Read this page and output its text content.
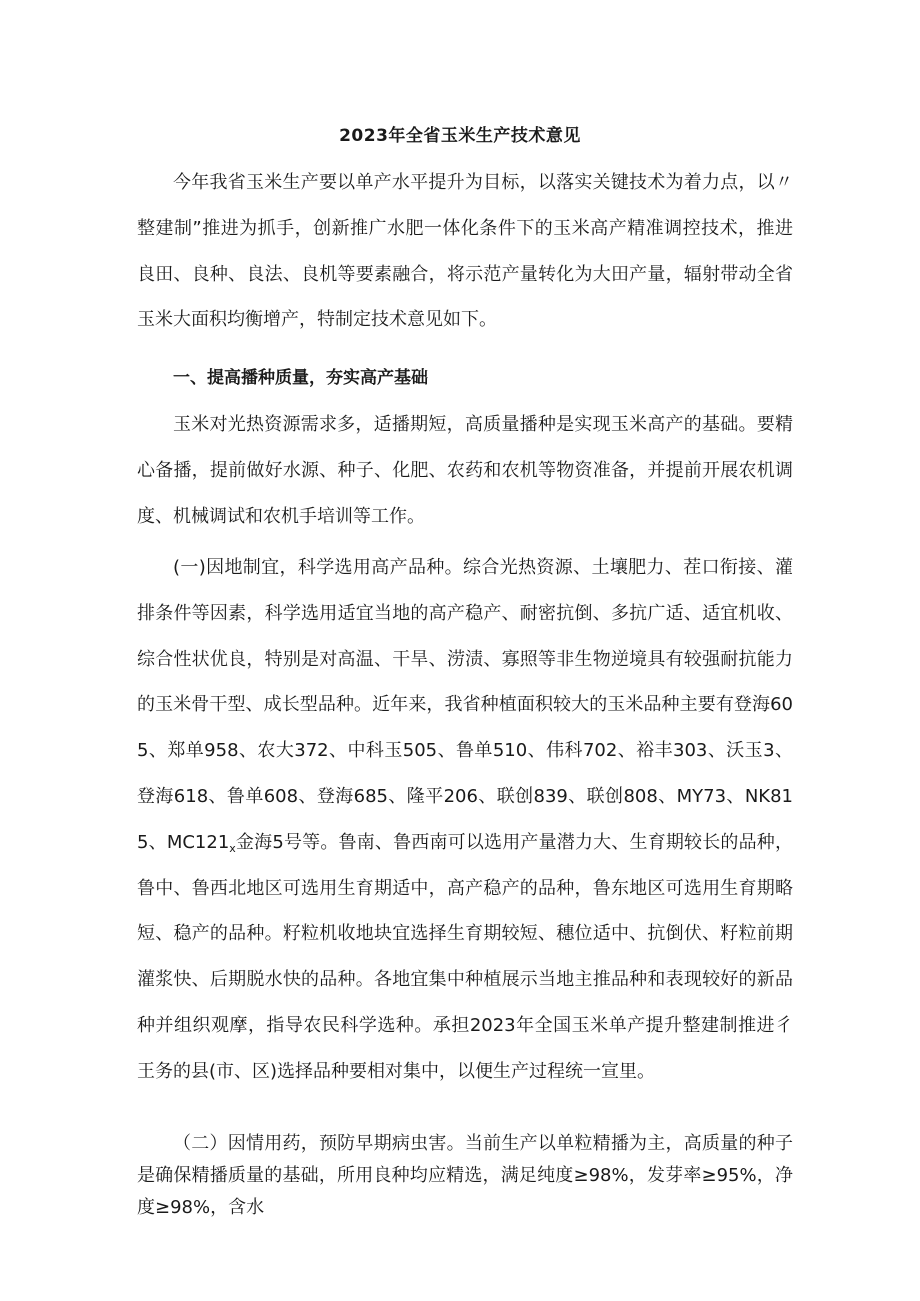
2023年全省玉米生产技术意见

今年我省玉米生产要以单产水平提升为目标，以落实关键技术为着力点，以〃整建制”推进为抓手，创新推广水肥一体化条件下的玉米高产精准调控技术，推进良田、良种、良法、良机等要素融合，将示范产量转化为大田产量，辐射带动全省玉米大面积均衡增产，特制定技术意见如下。

一、提高播种质量，夯实高产基础

玉米对光热资源需求多，适播期短，高质量播种是实现玉米高产的基础。要精心备播，提前做好水源、种子、化肥、农药和农机等物资准备，并提前开展农机调度、机械调试和农机手培训等工作。

(一)因地制宜，科学选用高产品种。综合光热资源、土壤肥力、茬口衔接、灌排条件等因素，科学选用适宜当地的高产稳产、耐密抗倒、多抗广适、适宜机收、综合性状优良，特别是对高温、干旱、涝渍、寡照等非生物逆境具有较强耐抗能力的玉米骨干型、成长型品种。近年来，我省种植面积较大的玉米品种主要有登海605、郑单958、农大372、中科玉505、鲁单510、伟科702、裕丰303、沃玉3、登海618、鲁单608、登海685、隆平206、联创839、联创808、MY73、NK815、$MC121_x$金海5号等。鲁南、鲁西南可以选用产量潜力大、生育期较长的品种，鲁中、鲁西北地区可选用生育期适中，高产稳产的品种，鲁东地区可选用生育期略短、稳产的品种。籽粒机收地块宜选择生育期较短、穗位适中、抗倒伏、籽粒前期灌浆快、后期脱水快的品种。各地宜集中种植展示当地主推品种和表现较好的新品种并组织观摩，指导农民科学选种。承担2023年全国玉米单产提升整建制推进彳王务的县(市、区)选择品种要相对集中，以便生产过程统一宣里。

（二）因情用药，预防早期病虫害。当前生产以单粒精播为主，高质量的种子是确保精播质量的基础，所用良种均应精选，满足纯度≥98%，发芽率≥95%，净度≥98%，含水
